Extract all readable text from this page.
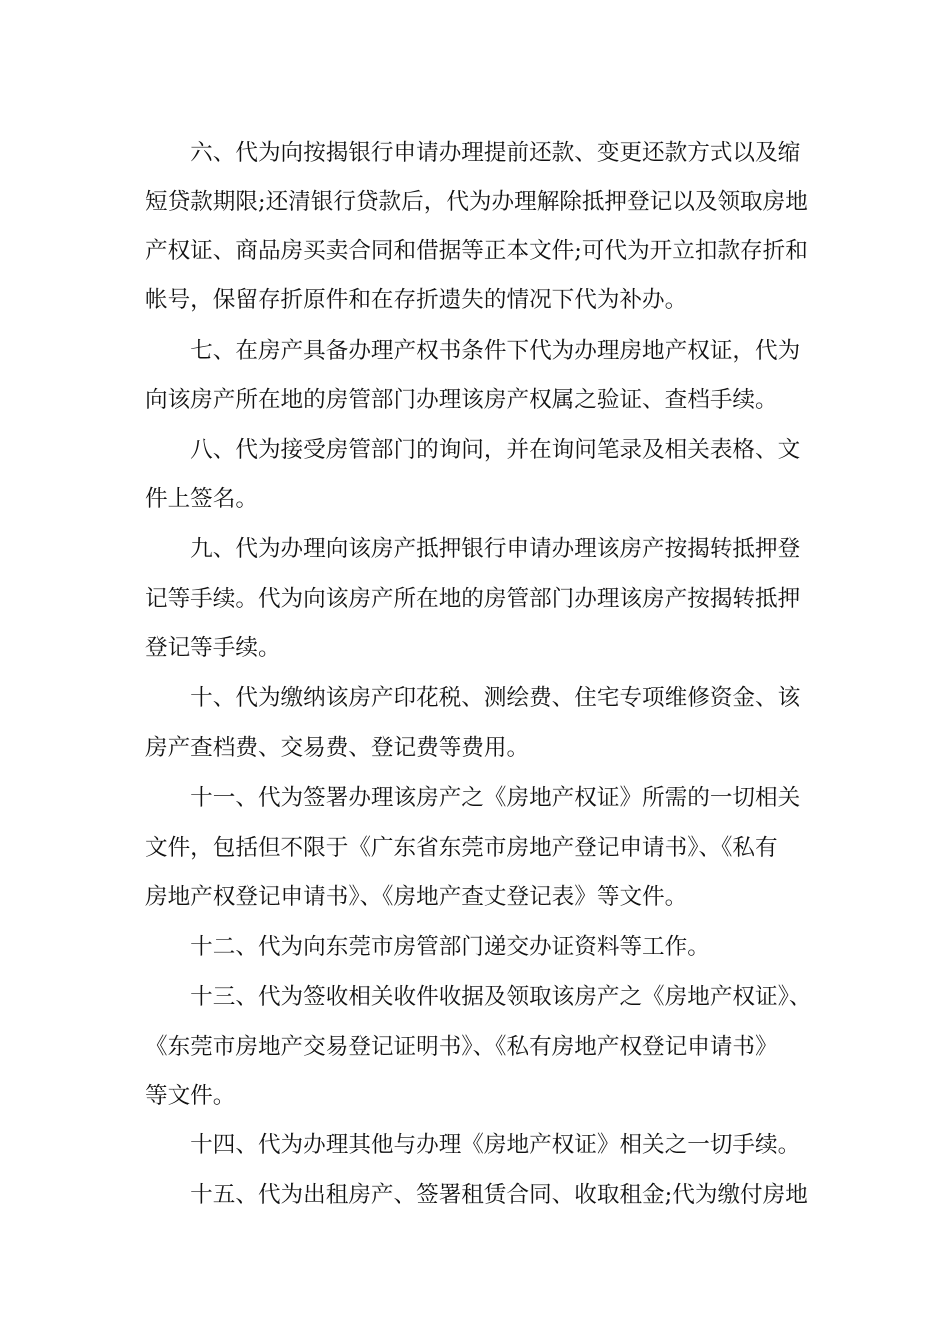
　　六、代为向按揭银行申请办理提前还款、变更还款方式以及缩
短贷款期限;还清银行贷款后，代为办理解除抵押登记以及领取房地
产权证、商品房买卖合同和借据等正本文件;可代为开立扣款存折和
帐号，保留存折原件和在存折遗失的情况下代为补办。
　　七、在房产具备办理产权书条件下代为办理房地产权证，代为
向该房产所在地的房管部门办理该房产权属之验证、查档手续。
　　八、代为接受房管部门的询问，并在询问笔录及相关表格、文
件上签名。
　　九、代为办理向该房产抵押银行申请办理该房产按揭转抵押登
记等手续。代为向该房产所在地的房管部门办理该房产按揭转抵押
登记等手续。
　　十、代为缴纳该房产印花税、测绘费、住宅专项维修资金、该
房产查档费、交易费、登记费等费用。
　　十一、代为签署办理该房产之《房地产权证》所需的一切相关
文件，包括但不限于《广东省东莞市房地产登记申请书》、《私有
房地产权登记申请书》、《房地产查丈登记表》等文件。
　　十二、代为向东莞市房管部门递交办证资料等工作。
　　十三、代为签收相关收件收据及领取该房产之《房地产权证》、
《东莞市房地产交易登记证明书》、《私有房地产权登记申请书》
等文件。
　　十四、代为办理其他与办理《房地产权证》相关之一切手续。
　　十五、代为出租房产、签署租赁合同、收取租金;代为缴付房地
